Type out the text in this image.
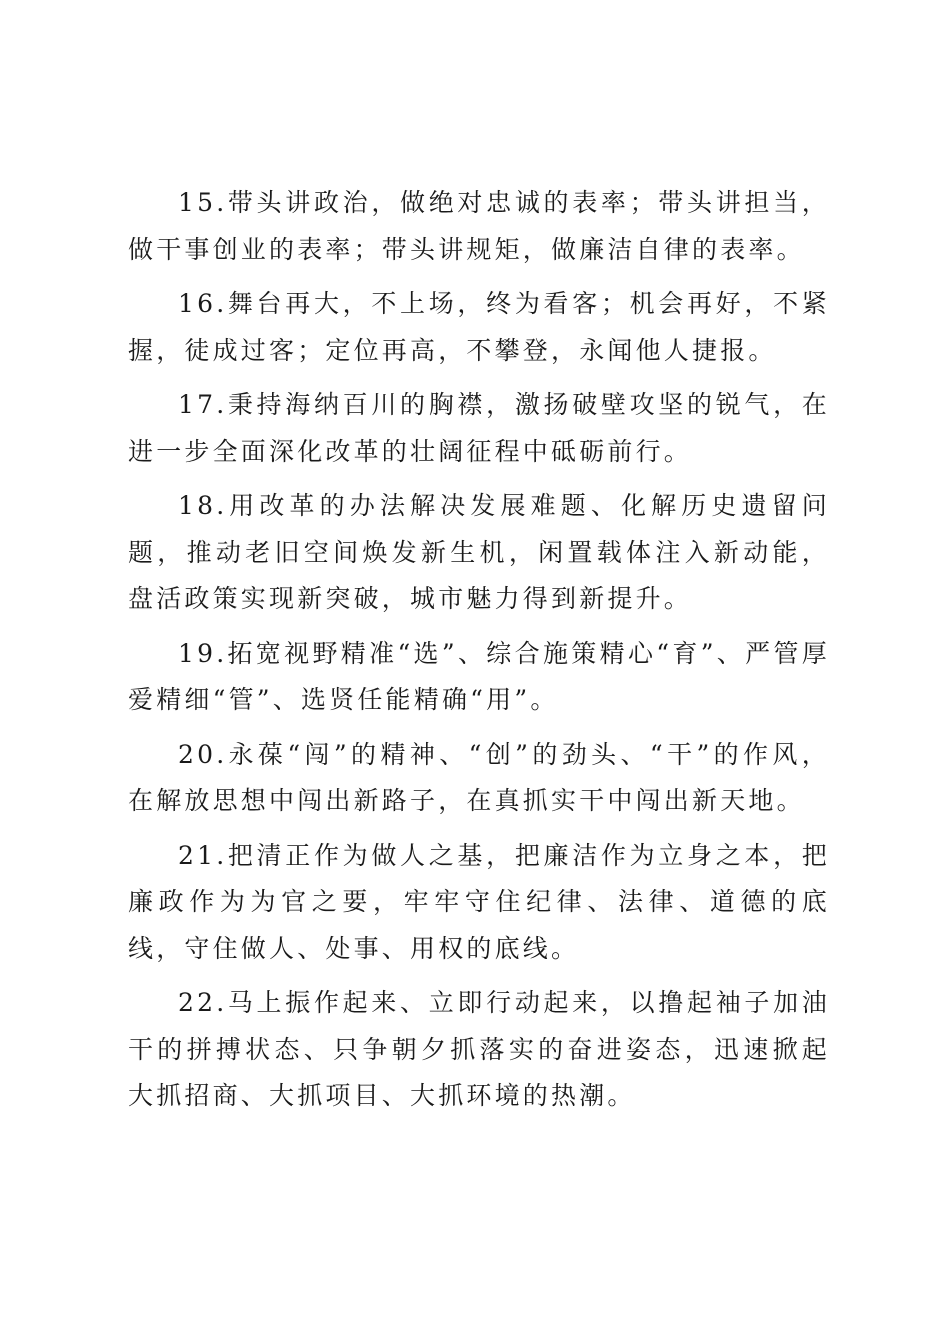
15.带头讲政治，做绝对忠诚的表率；带头讲担当，做干事创业的表率；带头讲规矩，做廉洁自律的表率。

16.舞台再大，不上场，终为看客；机会再好，不紧握，徒成过客；定位再高，不攀登，永闻他人捷报。

17.秉持海纳百川的胸襟，激扬破壁攻坚的锐气，在进一步全面深化改革的壮阔征程中砥砺前行。

18.用改革的办法解决发展难题、化解历史遗留问题，推动老旧空间焕发新生机，闲置载体注入新动能，盘活政策实现新突破，城市魅力得到新提升。

19.拓宽视野精准“选”、综合施策精心“育”、严管厚爱精细“管”、选贤任能精确“用”。

20.永葆“闯”的精神、“创”的劲头、“干”的作风，在解放思想中闯出新路子，在真抓实干中闯出新天地。

21.把清正作为做人之基，把廉洁作为立身之本，把廉政作为为官之要，牢牢守住纪律、法律、道德的底线，守住做人、处事、用权的底线。

22.马上振作起来、立即行动起来，以撸起袖子加油干的拼搏状态、只争朝夕抓落实的奋进姿态，迅速掀起大抓招商、大抓项目、大抓环境的热潮。
